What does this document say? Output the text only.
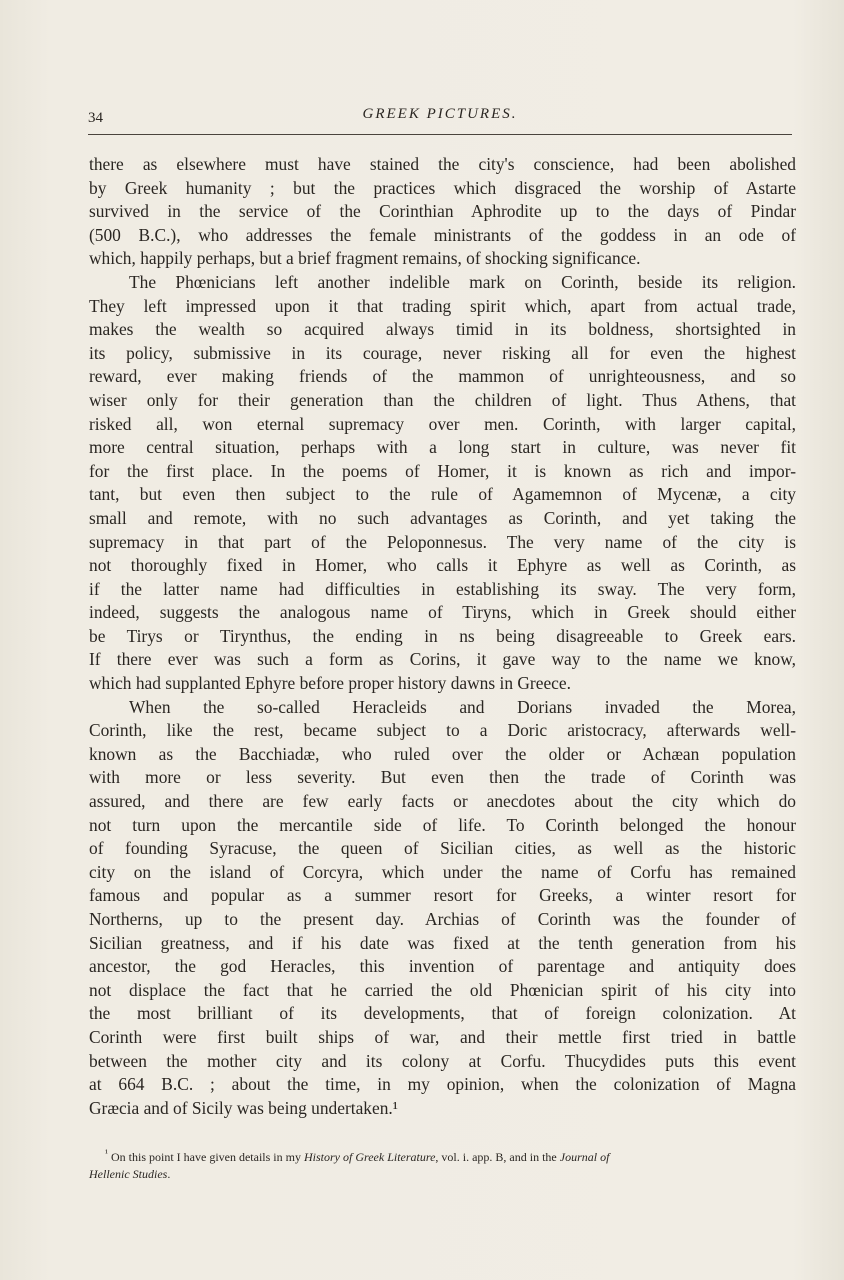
34	GREEK PICTURES.
there as elsewhere must have stained the city's conscience, had been abolished
by Greek humanity ; but the practices which disgraced the worship of Astarte
survived in the service of the Corinthian Aphrodite up to the days of Pindar
(500 B.C.), who addresses the female ministrants of the goddess in an ode of
which, happily perhaps, but a brief fragment remains, of shocking significance.
The Phœnicians left another indelible mark on Corinth, beside its religion.
They left impressed upon it that trading spirit which, apart from actual trade,
makes the wealth so acquired always timid in its boldness, shortsighted in
its policy, submissive in its courage, never risking all for even the highest
reward, ever making friends of the mammon of unrighteousness, and so
wiser only for their generation than the children of light. Thus Athens, that
risked all, won eternal supremacy over men. Corinth, with larger capital,
more central situation, perhaps with a long start in culture, was never fit
for the first place. In the poems of Homer, it is known as rich and impor-
tant, but even then subject to the rule of Agamemnon of Mycenæ, a city
small and remote, with no such advantages as Corinth, and yet taking the
supremacy in that part of the Peloponnesus. The very name of the city is
not thoroughly fixed in Homer, who calls it Ephyre as well as Corinth, as
if the latter name had difficulties in establishing its sway. The very form,
indeed, suggests the analogous name of Tiryns, which in Greek should either
be Tirys or Tirynthus, the ending in ns being disagreeable to Greek ears.
If there ever was such a form as Corins, it gave way to the name we know,
which had supplanted Ephyre before proper history dawns in Greece.
When the so-called Heracleids and Dorians invaded the Morea,
Corinth, like the rest, became subject to a Doric aristocracy, afterwards well-
known as the Bacchiadæ, who ruled over the older or Achæan population
with more or less severity. But even then the trade of Corinth was
assured, and there are few early facts or anecdotes about the city which do
not turn upon the mercantile side of life. To Corinth belonged the honour
of founding Syracuse, the queen of Sicilian cities, as well as the historic
city on the island of Corcyra, which under the name of Corfu has remained
famous and popular as a summer resort for Greeks, a winter resort for
Northerns, up to the present day. Archias of Corinth was the founder of
Sicilian greatness, and if his date was fixed at the tenth generation from his
ancestor, the god Heracles, this invention of parentage and antiquity does
not displace the fact that he carried the old Phœnician spirit of his city into
the most brilliant of its developments, that of foreign colonization. At
Corinth were first built ships of war, and their mettle first tried in battle
between the mother city and its colony at Corfu. Thucydides puts this event
at 664 B.C. ; about the time, in my opinion, when the colonization of Magna
Græcia and of Sicily was being undertaken.¹
$^{^1}$ On this point I have given details in my History of Greek Literature, vol. i. app. B, and in the Journal of
Hellenic Studies.
